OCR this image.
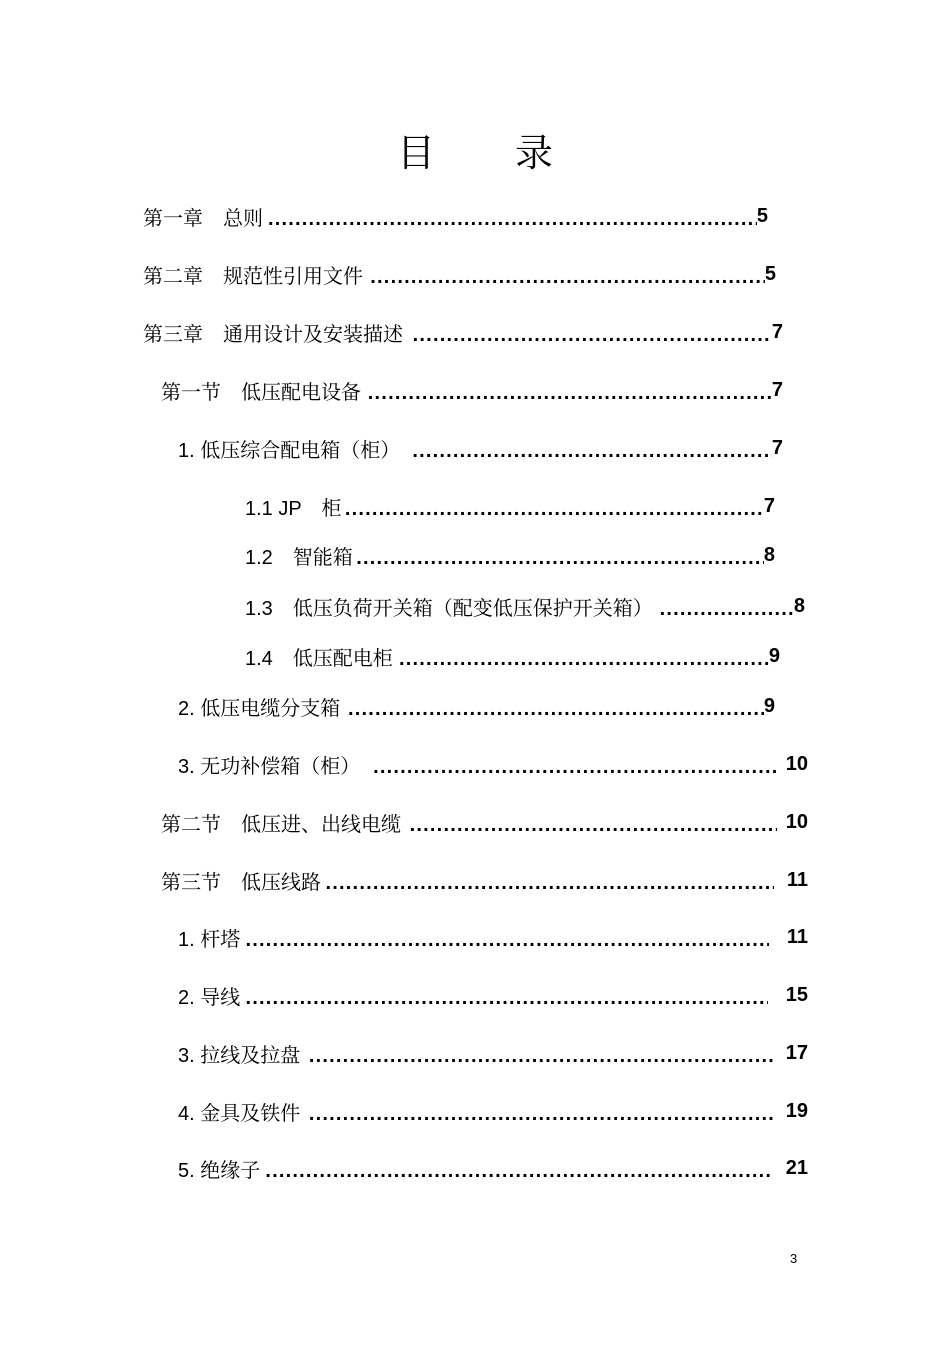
目 录
第一章　总则 .....	5
第二章　规范性引用文件 .....	5
第三章　通用设计及安装描述 .....	7
第一节　低压配电设备 .....	7
1. 低压综合配电箱（柜） .....	7
1.1 JP　柜 .....	7
1.2　智能箱 .....	8
1.3　低压负荷开关箱（配变低压保护开关箱） .....	8
1.4　低压配电柜 .....	9
2. 低压电缆分支箱 .....	9
3. 无功补偿箱（柜） .....	10
第二节　低压进、出线电缆 .....	10
第三节　低压线路 .....	11
1. 杆塔 .....	11
2. 导线 .....	15
3. 拉线及拉盘 .....	17
4. 金具及铁件 .....	19
5. 绝缘子 .....	21
3
